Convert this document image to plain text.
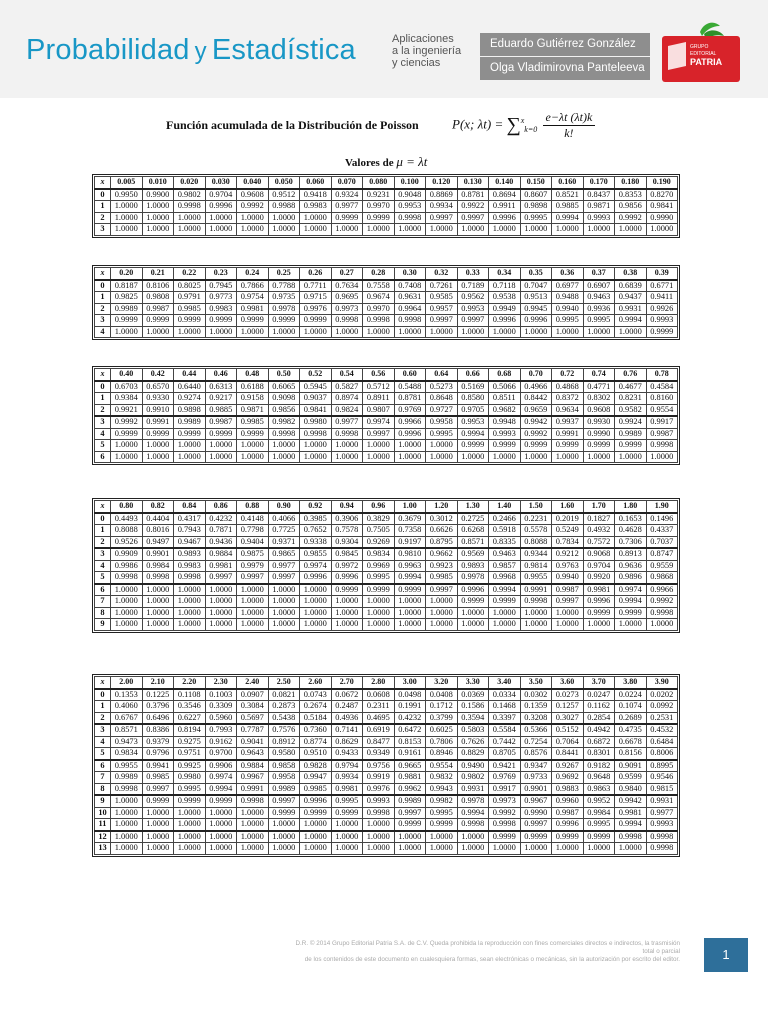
Probabilidad y Estadística	Aplicaciones
a la ingeniería
y ciencias
Eduardo Gutiérrez González
Olga Vladimirovna Panteleeva
GRUPO
EDITORIAL
PATRIA
Función acumulada de la Distribución de Poisson	P(x; $\lambda t) = \sum^x_{k=0} \frac{e-\lambda t (\lambda t)k}{k!}$
Valores de μ = λt
x	0.005	0.010	0.020	0.030	0.040	0.050	0.060	0.070	0.080	0.100	0.120	0.130	0.140	0.150	0.160	0.170	0.180	0.190
0	0.9950	0.9900	0.9802	0.9704	0.9608	0.9512	0.9418	0.9324	0.9231	0.9048	0.8869	0.8781	0.8694	0.8607	0.8521	0.8437	0.8353	0.8270
1	1.0000	1.0000	0.9998	0.9996	0.9992	0.9988	0.9983	0.9977	0.9970	0.9953	0.9934	0.9922	0.9911	0.9898	0.9885	0.9871	0.9856	0.9841
2	1.0000	1.0000	1.0000	1.0000	1.0000	1.0000	1.0000	0.9999	0.9999	0.9998	0.9997	0.9997	0.9996	0.9995	0.9994	0.9993	0.9992	0.9990
3	1.0000	1.0000	1.0000	1.0000	1.0000	1.0000	1.0000	1.0000	1.0000	1.0000	1.0000	1.0000	1.0000	1.0000	1.0000	1.0000	1.0000	1.0000
x	0.20	0.21	0.22	0.23	0.24	0.25	0.26	0.27	0.28	0.30	0.32	0.33	0.34	0.35	0.36	0.37	0.38	0.39
0	0.8187	0.8106	0.8025	0.7945	0.7866	0.7788	0.7711	0.7634	0.7558	0.7408	0.7261	0.7189	0.7118	0.7047	0.6977	0.6907	0.6839	0.6771
1	0.9825	0.9808	0.9791	0.9773	0.9754	0.9735	0.9715	0.9695	0.9674	0.9631	0.9585	0.9562	0.9538	0.9513	0.9488	0.9463	0.9437	0.9411
2	0.9989	0.9987	0.9985	0.9983	0.9981	0.9978	0.9976	0.9973	0.9970	0.9964	0.9957	0.9953	0.9949	0.9945	0.9940	0.9936	0.9931	0.9926
3	0.9999	0.9999	0.9999	0.9999	0.9999	0.9999	0.9999	0.9998	0.9998	0.9998	0.9997	0.9997	0.9996	0.9996	0.9995	0.9995	0.9994	0.9993
4	1.0000	1.0000	1.0000	1.0000	1.0000	1.0000	1.0000	1.0000	1.0000	1.0000	1.0000	1.0000	1.0000	1.0000	1.0000	1.0000	1.0000	0.9999
x	0.40	0.42	0.44	0.46	0.48	0.50	0.52	0.54	0.56	0.60	0.64	0.66	0.68	0.70	0.72	0.74	0.76	0.78
0	0.6703	0.6570	0.6440	0.6313	0.6188	0.6065	0.5945	0.5827	0.5712	0.5488	0.5273	0.5169	0.5066	0.4966	0.4868	0.4771	0.4677	0.4584
1	0.9384	0.9330	0.9274	0.9217	0.9158	0.9098	0.9037	0.8974	0.8911	0.8781	0.8648	0.8580	0.8511	0.8442	0.8372	0.8302	0.8231	0.8160
2	0.9921	0.9910	0.9898	0.9885	0.9871	0.9856	0.9841	0.9824	0.9807	0.9769	0.9727	0.9705	0.9682	0.9659	0.9634	0.9608	0.9582	0.9554
3	0.9992	0.9991	0.9989	0.9987	0.9985	0.9982	0.9980	0.9977	0.9974	0.9966	0.9958	0.9953	0.9948	0.9942	0.9937	0.9930	0.9924	0.9917
4	0.9999	0.9999	0.9999	0.9999	0.9999	0.9998	0.9998	0.9998	0.9997	0.9996	0.9995	0.9994	0.9993	0.9992	0.9991	0.9990	0.9989	0.9987
5	1.0000	1.0000	1.0000	1.0000	1.0000	1.0000	1.0000	1.0000	1.0000	1.0000	1.0000	0.9999	0.9999	0.9999	0.9999	0.9999	0.9999	0.9998
6	1.0000	1.0000	1.0000	1.0000	1.0000	1.0000	1.0000	1.0000	1.0000	1.0000	1.0000	1.0000	1.0000	1.0000	1.0000	1.0000	1.0000	1.0000
x	0.80	0.82	0.84	0.86	0.88	0.90	0.92	0.94	0.96	1.00	1.20	1.30	1.40	1.50	1.60	1.70	1.80	1.90
0	0.4493	0.4404	0.4317	0.4232	0.4148	0.4066	0.3985	0.3906	0.3829	0.3679	0.3012	0.2725	0.2466	0.2231	0.2019	0.1827	0.1653	0.1496
1	0.8088	0.8016	0.7943	0.7871	0.7798	0.7725	0.7652	0.7578	0.7505	0.7358	0.6626	0.6268	0.5918	0.5578	0.5249	0.4932	0.4628	0.4337
2	0.9526	0.9497	0.9467	0.9436	0.9404	0.9371	0.9338	0.9304	0.9269	0.9197	0.8795	0.8571	0.8335	0.8088	0.7834	0.7572	0.7306	0.7037
3	0.9909	0.9901	0.9893	0.9884	0.9875	0.9865	0.9855	0.9845	0.9834	0.9810	0.9662	0.9569	0.9463	0.9344	0.9212	0.9068	0.8913	0.8747
4	0.9986	0.9984	0.9983	0.9981	0.9979	0.9977	0.9974	0.9972	0.9969	0.9963	0.9923	0.9893	0.9857	0.9814	0.9763	0.9704	0.9636	0.9559
5	0.9998	0.9998	0.9998	0.9997	0.9997	0.9997	0.9996	0.9996	0.9995	0.9994	0.9985	0.9978	0.9968	0.9955	0.9940	0.9920	0.9896	0.9868
6	1.0000	1.0000	1.0000	1.0000	1.0000	1.0000	1.0000	0.9999	0.9999	0.9999	0.9997	0.9996	0.9994	0.9991	0.9987	0.9981	0.9974	0.9966
7	1.0000	1.0000	1.0000	1.0000	1.0000	1.0000	1.0000	1.0000	1.0000	1.0000	1.0000	0.9999	0.9999	0.9998	0.9997	0.9996	0.9994	0.9992
8	1.0000	1.0000	1.0000	1.0000	1.0000	1.0000	1.0000	1.0000	1.0000	1.0000	1.0000	1.0000	1.0000	1.0000	1.0000	0.9999	0.9999	0.9998
9	1.0000	1.0000	1.0000	1.0000	1.0000	1.0000	1.0000	1.0000	1.0000	1.0000	1.0000	1.0000	1.0000	1.0000	1.0000	1.0000	1.0000	1.0000
x	2.00	2.10	2.20	2.30	2.40	2.50	2.60	2.70	2.80	3.00	3.20	3.30	3.40	3.50	3.60	3.70	3.80	3.90
0	0.1353	0.1225	0.1108	0.1003	0.0907	0.0821	0.0743	0.0672	0.0608	0.0498	0.0408	0.0369	0.0334	0.0302	0.0273	0.0247	0.0224	0.0202
1	0.4060	0.3796	0.3546	0.3309	0.3084	0.2873	0.2674	0.2487	0.2311	0.1991	0.1712	0.1586	0.1468	0.1359	0.1257	0.1162	0.1074	0.0992
2	0.6767	0.6496	0.6227	0.5960	0.5697	0.5438	0.5184	0.4936	0.4695	0.4232	0.3799	0.3594	0.3397	0.3208	0.3027	0.2854	0.2689	0.2531
3	0.8571	0.8386	0.8194	0.7993	0.7787	0.7576	0.7360	0.7141	0.6919	0.6472	0.6025	0.5803	0.5584	0.5366	0.5152	0.4942	0.4735	0.4532
4	0.9473	0.9379	0.9275	0.9162	0.9041	0.8912	0.8774	0.8629	0.8477	0.8153	0.7806	0.7626	0.7442	0.7254	0.7064	0.6872	0.6678	0.6484
5	0.9834	0.9796	0.9751	0.9700	0.9643	0.9580	0.9510	0.9433	0.9349	0.9161	0.8946	0.8829	0.8705	0.8576	0.8441	0.8301	0.8156	0.8006
6	0.9955	0.9941	0.9925	0.9906	0.9884	0.9858	0.9828	0.9794	0.9756	0.9665	0.9554	0.9490	0.9421	0.9347	0.9267	0.9182	0.9091	0.8995
7	0.9989	0.9985	0.9980	0.9974	0.9967	0.9958	0.9947	0.9934	0.9919	0.9881	0.9832	0.9802	0.9769	0.9733	0.9692	0.9648	0.9599	0.9546
8	0.9998	0.9997	0.9995	0.9994	0.9991	0.9989	0.9985	0.9981	0.9976	0.9962	0.9943	0.9931	0.9917	0.9901	0.9883	0.9863	0.9840	0.9815
9	1.0000	0.9999	0.9999	0.9999	0.9998	0.9997	0.9996	0.9995	0.9993	0.9989	0.9982	0.9978	0.9973	0.9967	0.9960	0.9952	0.9942	0.9931
10	1.0000	1.0000	1.0000	1.0000	1.0000	0.9999	0.9999	0.9999	0.9998	0.9997	0.9995	0.9994	0.9992	0.9990	0.9987	0.9984	0.9981	0.9977
11	1.0000	1.0000	1.0000	1.0000	1.0000	1.0000	1.0000	1.0000	1.0000	0.9999	0.9999	0.9998	0.9998	0.9997	0.9996	0.9995	0.9994	0.9993
12	1.0000	1.0000	1.0000	1.0000	1.0000	1.0000	1.0000	1.0000	1.0000	1.0000	1.0000	1.0000	0.9999	0.9999	0.9999	0.9999	0.9998	0.9998
13	1.0000	1.0000	1.0000	1.0000	1.0000	1.0000	1.0000	1.0000	1.0000	1.0000	1.0000	1.0000	1.0000	1.0000	1.0000	1.0000	1.0000	0.9998
D.R. © 2014 Grupo Editorial Patria S.A. de C.V. Queda prohibida la reproducción con fines comerciales directos e indirectos, la trasmisión total o parcial
de los contenidos de este documento en cualesquiera formas, sean electrónicas o mecánicas, sin la autorización por escrito del editor.	1
